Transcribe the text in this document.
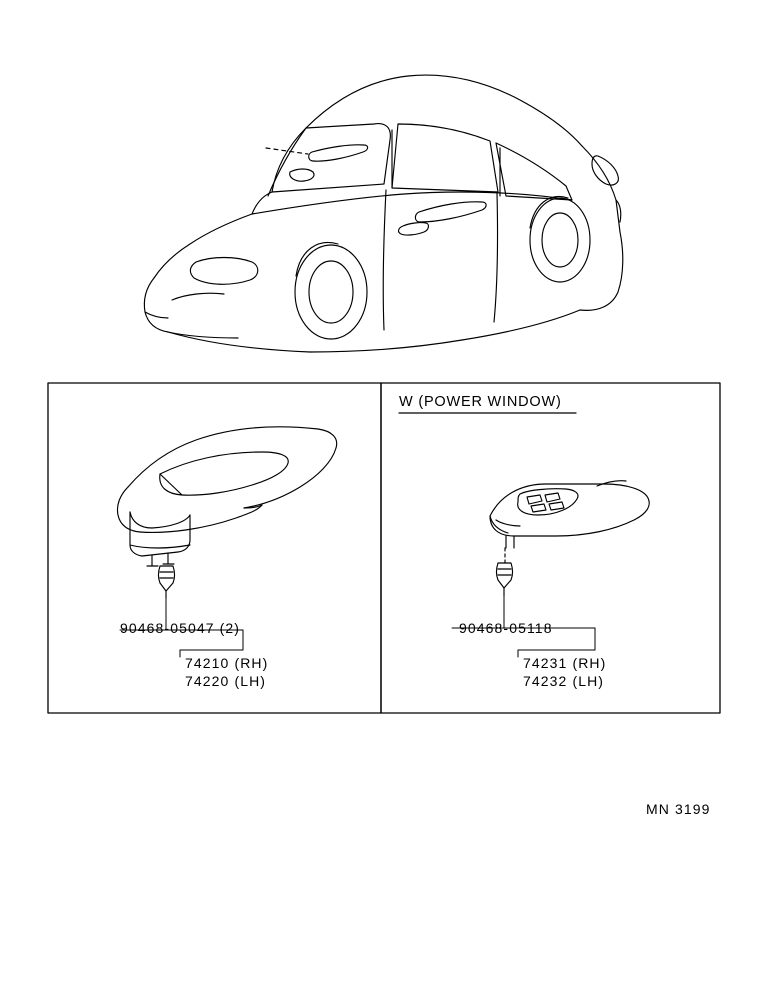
W (POWER WINDOW)
90468-05047 (2)	90468-05118
74210 (RH)
74220 (LH)
74231 (RH)
74232 (LH)
MN 3199
